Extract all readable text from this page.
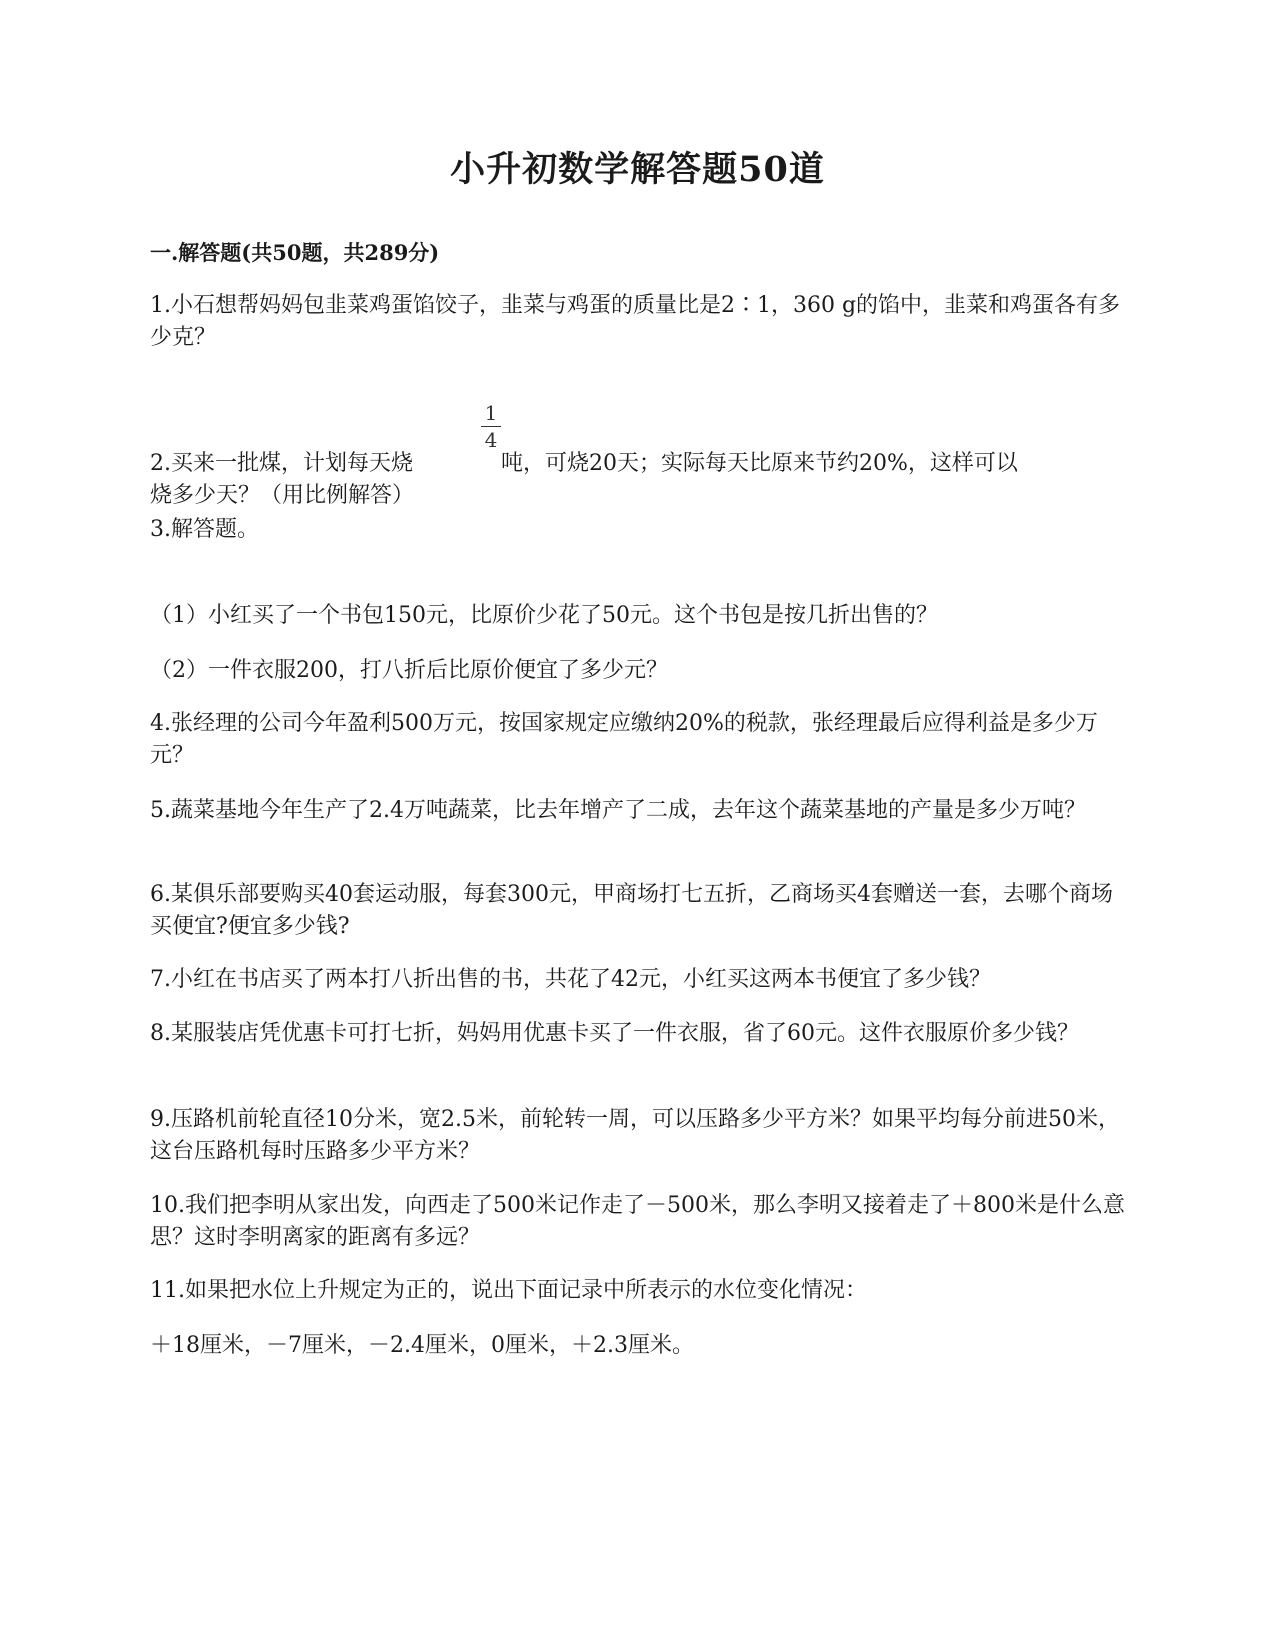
小升初数学解答题50道
一.解答题(共50题，共289分)

1.小石想帮妈妈包韭菜鸡蛋馅饺子，韭菜与鸡蛋的质量比是2∶1，360 g的馅中，韭菜和鸡蛋各有多少克？

1
4
2.买来一批煤，计划每天烧	吨，可烧20天；实际每天比原来节约20%，这样可以
烧多少天？（用比例解答）

3.解答题。

（1）小红买了一个书包150元，比原价少花了50元。这个书包是按几折出售的？

（2）一件衣服200，打八折后比原价便宜了多少元？

4.张经理的公司今年盈利500万元，按国家规定应缴纳20%的税款，张经理最后应得利益是多少万元？

5.蔬菜基地今年生产了2.4万吨蔬菜，比去年增产了二成，去年这个蔬菜基地的产量是多少万吨？

6.某俱乐部要购买40套运动服，每套300元，甲商场打七五折，乙商场买4套赠送一套，去哪个商场买便宜?便宜多少钱?

7.小红在书店买了两本打八折出售的书，共花了42元，小红买这两本书便宜了多少钱？

8.某服装店凭优惠卡可打七折，妈妈用优惠卡买了一件衣服，省了60元。这件衣服原价多少钱？

9.压路机前轮直径10分米，宽2.5米，前轮转一周，可以压路多少平方米？如果平均每分前进50米，这台压路机每时压路多少平方米？

10.我们把李明从家出发，向西走了500米记作走了－500米，那么李明又接着走了＋800米是什么意思？这时李明离家的距离有多远？

11.如果把水位上升规定为正的，说出下面记录中所表示的水位变化情况：

＋18厘米，－7厘米，－2.4厘米，0厘米，＋2.3厘米。
